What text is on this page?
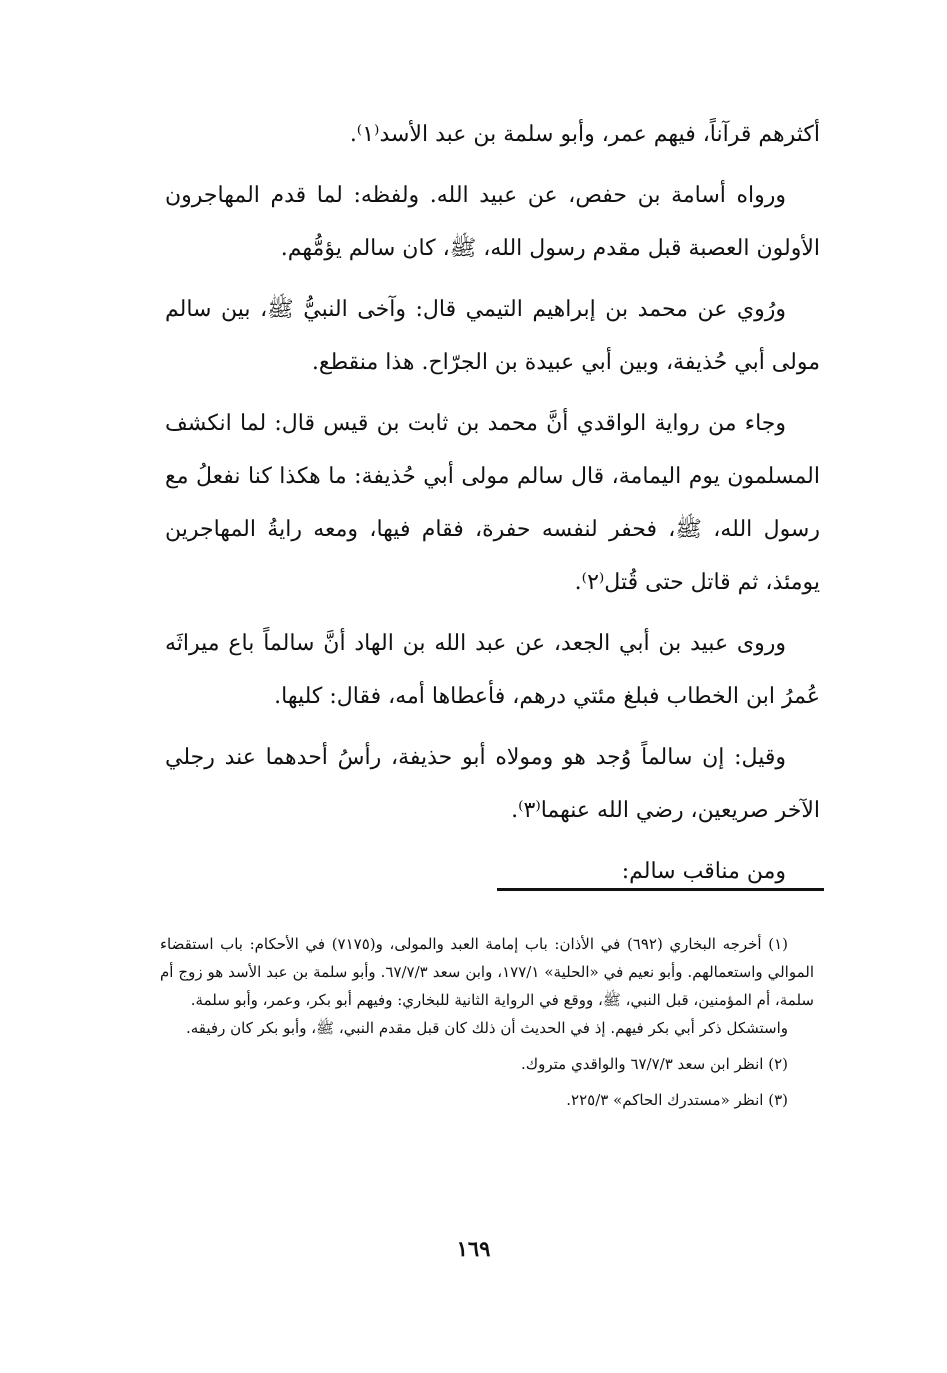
أكثرهم قرآناً، فيهم عمر، وأبو سلمة بن عبد الأسد⁽١⁾.

ورواه أسامة بن حفص، عن عبيد الله. ولفظه: لما قدم المهاجرون الأولون العصبة قبل مقدم رسول الله، ﷺ، كان سالم يؤمُّهم.

ورُوي عن محمد بن إبراهيم التيمي قال: وآخى النبيُّ ﷺ، بين سالم مولى أبي حُذيفة، وبين أبي عبيدة بن الجرّاح. هذا منقطع.

وجاء من رواية الواقدي أنَّ محمد بن ثابت بن قيس قال: لما انكشف المسلمون يوم اليمامة، قال سالم مولى أبي حُذيفة: ما هكذا كنا نفعلُ مع رسول الله، ﷺ، فحفر لنفسه حفرة، فقام فيها، ومعه رايةُ المهاجرين يومئذ، ثم قاتل حتى قُتل⁽٢⁾.

وروى عبيد بن أبي الجعد، عن عبد الله بن الهاد أنَّ سالماً باع ميراثَه عُمرُ ابن الخطاب فبلغ مئتي درهم، فأعطاها أمه، فقال: كليها.

وقيل: إن سالماً وُجد هو ومولاه أبو حذيفة، رأسُ أحدهما عند رجلي الآخر صريعين، رضي الله عنهما⁽٣⁾.

ومن مناقب سالم:

(١) أخرجه البخاري (٦٩٢) في الأذان: باب إمامة العبد والمولى، و(٧١٧٥) في الأحكام: باب استقضاء الموالي واستعمالهم. وأبو نعيم في «الحلية» ١٧٧/١، وابن سعد ٦٧/٧/٣. وأبو سلمة بن عبد الأسد هو زوج أم سلمة، أم المؤمنين، قبل النبي، ﷺ، ووقع في الرواية الثانية للبخاري: وفيهم أبو بكر، وعمر، وأبو سلمة.

واستشكل ذكر أبي بكر فيهم. إذ في الحديث أن ذلك كان قبل مقدم النبي، ﷺ، وأبو بكر كان رفيقه.

(٢) انظر ابن سعد ٦٧/٧/٣ والواقدي متروك.

(٣) انظر «مستدرك الحاكم» ٢٢٥/٣.

١٦٩
